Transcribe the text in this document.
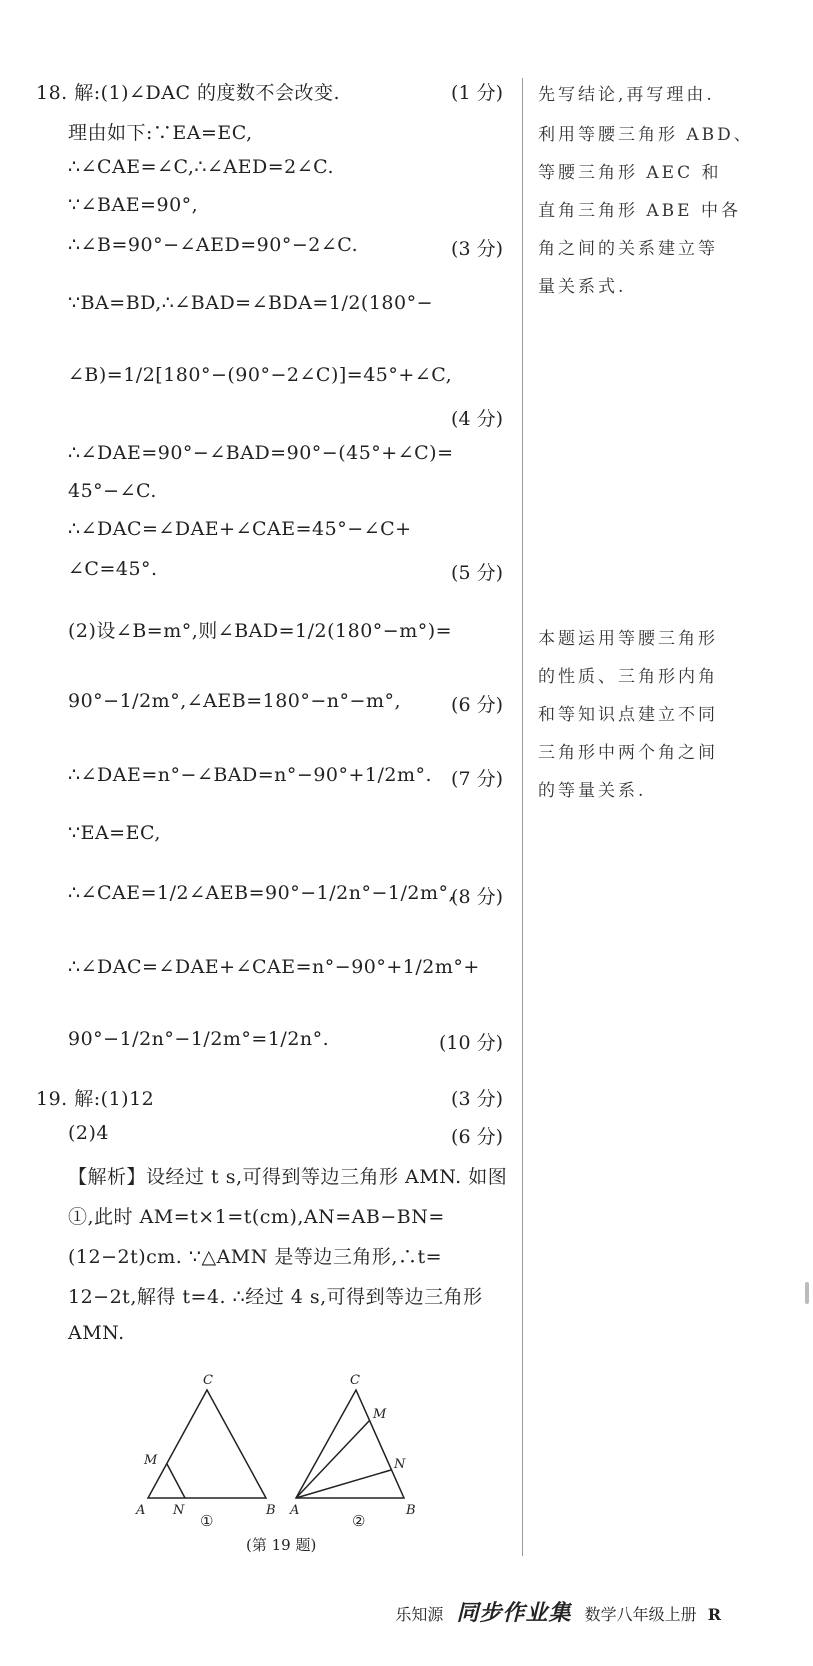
18. 解:(1)∠DAC 的度数不会改变.
理由如下:∵EA=EC,
∴∠CAE=∠C,∴∠AED=2∠C.
∵∠BAE=90°,
∴∠B=90°−∠AED=90°−2∠C.
∵BA=BD,∴∠BAD=∠BDA=1/2(180°−
∠B)=1/2[180°−(90°−2∠C)]=45°+∠C,
∴∠DAE=90°−∠BAD=90°−(45°+∠C)=
45°−∠C.
∴∠DAC=∠DAE+∠CAE=45°−∠C+
∠C=45°.
(2)设∠B=m°,则∠BAD=1/2(180°−m°)=
90°−1/2m°,∠AEB=180°−n°−m°,
∴∠DAE=n°−∠BAD=n°−90°+1/2m°.
∵EA=EC,
∴∠CAE=1/2∠AEB=90°−1/2n°−1/2m°,
∴∠DAC=∠DAE+∠CAE=n°−90°+1/2m°+
90°−1/2n°−1/2m°=1/2n°.
(1 分)
(3 分)
(4 分)
(5 分)
(6 分)
(7 分)
(8 分)
(10 分)
19. 解:(1)12
(2)4
【解析】设经过 t s,可得到等边三角形 AMN. 如图
①,此时 AM=t×1=t(cm),AN=AB−BN=
(12−2t)cm. ∵△AMN 是等边三角形,∴t=
12−2t,解得 t=4. ∴经过 4 s,可得到等边三角形
AMN.
(3 分)
(6 分)
C
M
A N	B
①
C
M
N
A	B
②
(第 19 题)
先写结论,再写理由.
利用等腰三角形 ABD、
等腰三角形 AEC 和
直角三角形 ABE 中各
角之间的关系建立等
量关系式.
本题运用等腰三角形
的性质、三角形内角
和等知识点建立不同
三角形中两个角之间
的等量关系.
乐知源 同步作业集 数学八年级上册 R
